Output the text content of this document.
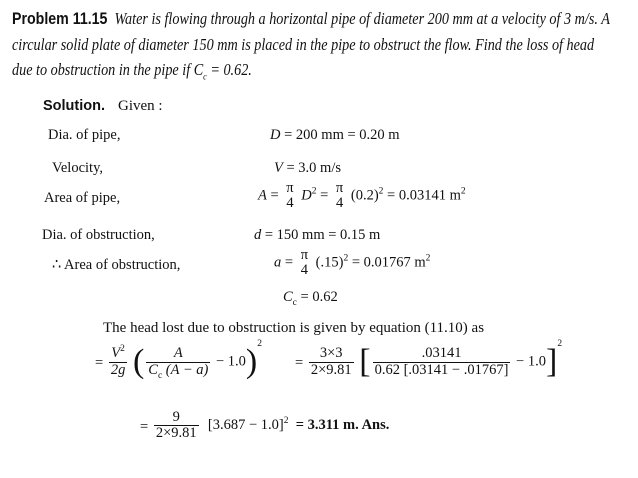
Problem 11.15 Water is flowing through a horizontal pipe of diameter 200 mm at a velocity of 3 m/s. A circular solid plate of diameter 150 mm is placed in the pipe to obstruct the flow. Find the loss of head due to obstruction in the pipe if $C_c = 0.62$.
Solution. Given :
Dia. of pipe,	D = 200 mm = 0.20 m
Velocity,	V = 3.0 m/s
Area of pipe,	A = π
4 $D^2 = \pi$
4 $(0.2)^2 = 0.03141$ $m^2$
Dia. of obstruction,	d = 150 mm = 0.15 m
∴ Area of obstruction,	a = π
4 $(.15)^2 = 0.01767$ $m^2$
$C_c = 0.62$
The head lost due to obstruction is given by equation (11.10) as
= $\frac{V^2}{2g}$ ( $\frac{A}{C_c (A - a)} - 1.0)^2$
= $\frac{3\times 3}{2\times 9.81}$ [ $\frac{.03141}{0.62 [.03141 - .01767]} - 1.0]^2$
= $\frac{9}{2\times 9.81} [3.687 - 1.0]^2 = 3.311$ m. Ans.
